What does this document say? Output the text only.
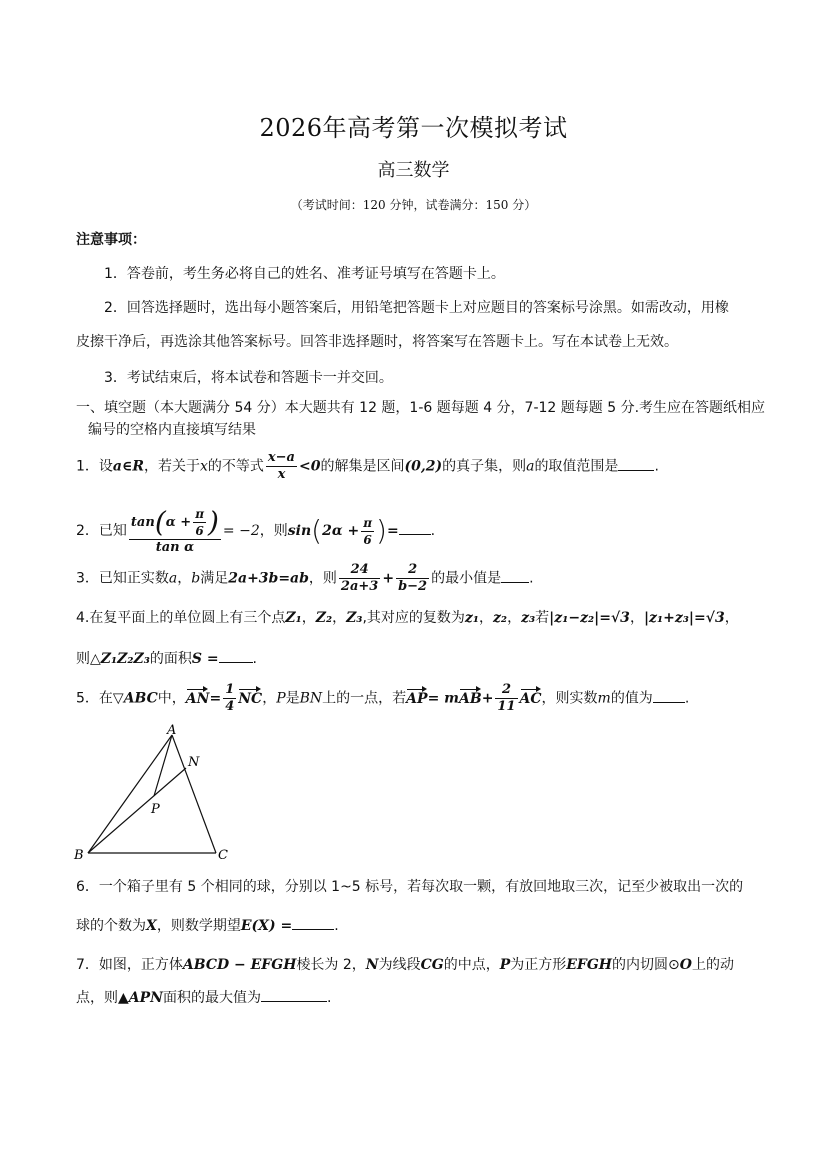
2026年高考第一次模拟考试
高三数学
（考试时间：120 分钟，试卷满分：150 分）
注意事项：
1．答卷前，考生务必将自己的姓名、准考证号填写在答题卡上。
2．回答选择题时，选出每小题答案后，用铅笔把答题卡上对应题目的答案标号涂黑。如需改动，用橡
皮擦干净后，再选涂其他答案标号。回答非选择题时，将答案写在答题卡上。写在本试卷上无效。
3．考试结束后，将本试卷和答题卡一并交回。
一、填空题（本大题满分 54 分）本大题共有 12 题，1-6 题每题 4 分，7-12 题每题 5 分.考生应在答题纸相应
编号的空格内直接填写结果
1．设a∈R，若关于x的不等式 $\frac{x-a}{x} <0$的解集是区间(0,2)的真子集，则a的取值范围是	.
2．已知 $\frac{\tan(\alpha + \frac{\pi}{6} )}{\text{tan α}} = -2$，则$\sin(2\alpha + \frac{\pi}{6}$ )= .
3．已知正实数a，b满足2a+3b=ab，则 $\frac{24}{2a+3} + \frac{2}{b-2}$ 的最小值是 .
4.在复平面上的单位圆上有三个点Z₁，Z₂，Z₃,其对应的复数为z₁，z₂，z₃若|z₁−z₂|=√3，|z₁+z₃|=√3，
则△Z₁Z₂Z₃的面积S = .
5．在▽ABC中，$AN= \frac{1}{4}$ NC，P是BN上的一点，若$AP= mAB+ \frac{2}{11}$ AC，则实数m的值为 .
A
B	C
N
P
6．一个箱子里有 5 个相同的球，分别以 1~5 标号，若每次取一颗，有放回地取三次，记至少被取出一次的
球的个数为X，则数学期望E(X) =	.
7．如图，正方体ABCD − EFGH棱长为 2，N为线段CG的中点，P为正方形EFGH的内切圆⊙O上的动
点，则▲APN面积的最大值为	.
